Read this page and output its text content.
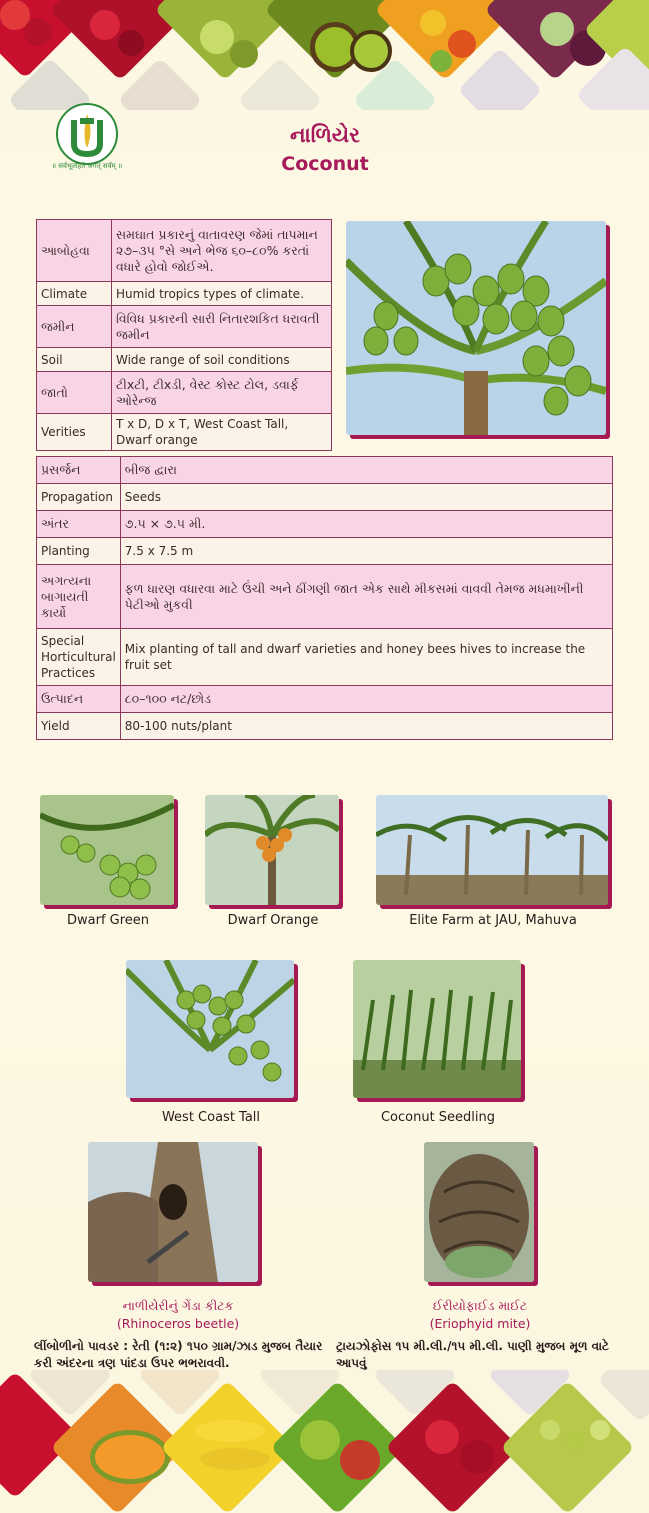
॥ सर्वभूतहिते जगत्‌ सर्वम्‌ ॥
નાળિયેર
Coconut
આબોહવા	સમઘાત પ્રકારનું વાતાવરણ જેમાં તાપમાન ૨૭–૩૫ °સે અને ભેજ ૬૦–૮૦% કરતાં વધારે હોવો જોઈએ.
Climate	Humid tropics types of climate.
જમીન	વિવિધ પ્રકારની સારી નિતારશકિત ધરાવતી જમીન
Soil	Wide range of soil conditions
જાતો	ટીxટી, ટીxડી, વેસ્ટ કોસ્ટ ટોલ, ડવાર્ફ ઓરેન્જ
Verities	T x D, D x T, West Coast Tall, Dwarf orange
પ્રસર્જન	બીજ દ્વારા
Propagation	Seeds
અંતર	૭.૫ × ૭.૫ મી.
Planting	7.5 x 7.5 m
અગત્યના બાગાયતી કાર્યો	ફળ ધારણ વધારવા માટે ઉંચી અને ઠીંગણી જાત એક સાથે મીકસમાં વાવવી તેમજ મધમાખીની પેટીઓ મુકવી
Special Horticultural Practices	Mix planting of tall and dwarf varieties and honey bees hives to increase the fruit set
ઉત્પાદન	૮૦–૧૦૦ નટ/છોડ
Yield	80-100 nuts/plant
Dwarf Green	Dwarf Orange	Elite Farm at JAU, Mahuva
West Coast Tall	Coconut Seedling
નાળીયેરીનું ગેંડા કીટક
(Rhinoceros beetle)
લીંબોળીનો પાવડર : રેતી (૧:૨) ૧૫૦ ગ્રામ/ઝાડ મુજબ તૈયાર કરી અંદરના ત્રણ પાંદડા ઉપર ભભરાવવી.
ઈરીયોફાઈડ માઈટ
(Eriophyid mite)
ટ્રાયઝોફોસ ૧૫ મી.લી./૧૫ મી.લી. પાણી મુજબ મૂળ વાટે આપવું
